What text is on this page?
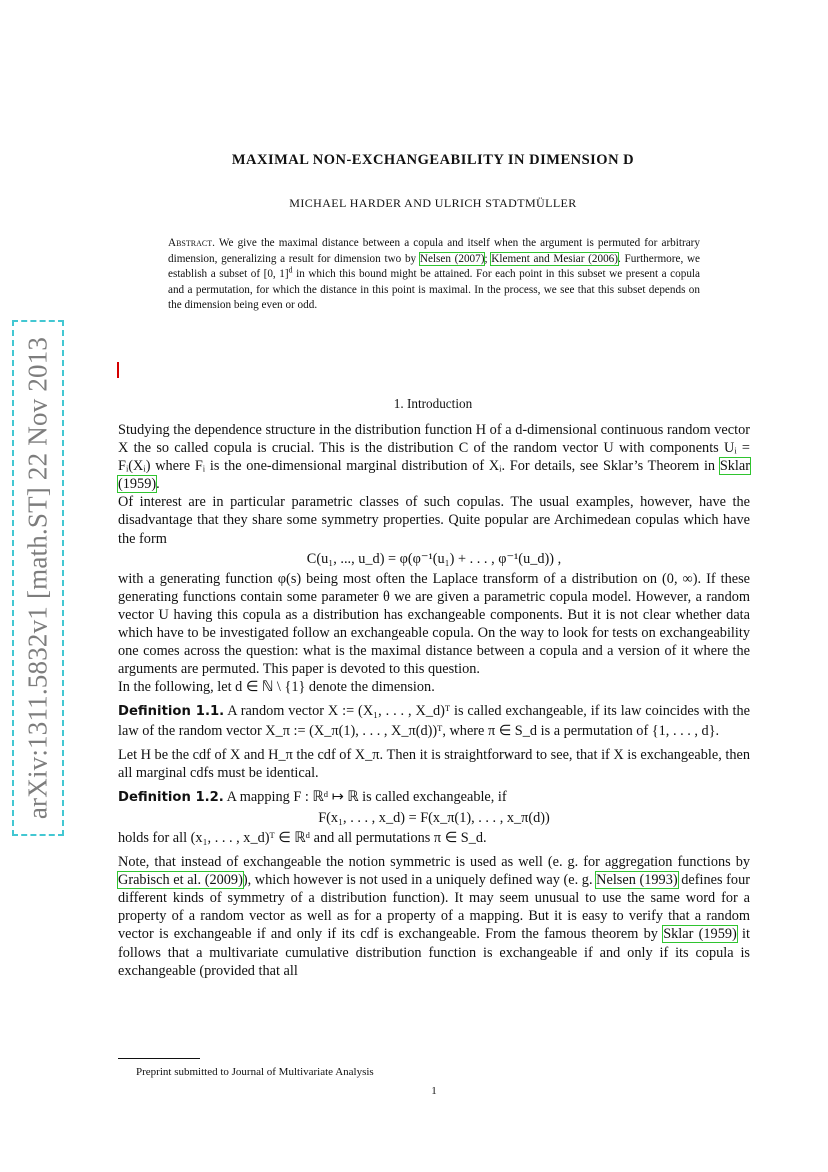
arXiv:1311.5832v1 [math.ST] 22 Nov 2013
MAXIMAL NON-EXCHANGEABILITY IN DIMENSION D
MICHAEL HARDER AND ULRICH STADTMÜLLER
Abstract. We give the maximal distance between a copula and itself when the argument is permuted for arbitrary dimension, generalizing a result for dimension two by Nelsen (2007); Klement and Mesiar (2006). Furthermore, we establish a subset of [0, 1]$^d$ in which this bound might be attained. For each point in this subset we present a copula and a permutation, for which the distance in this point is maximal. In the process, we see that this subset depends on the dimension being even or odd.
1. Introduction

Studying the dependence structure in the distribution function H of a d-dimensional continuous random vector X the so called copula is crucial. This is the distribution C of the random vector U with components Uᵢ = Fᵢ(Xᵢ) where Fᵢ is the one-dimensional marginal distribution of Xᵢ. For details, see Sklar’s Theorem in Sklar (1959).

Of interest are in particular parametric classes of such copulas. The usual examples, however, have the disadvantage that they share some symmetry properties. Quite popular are Archimedean copulas which have the form

C(u₁, ..., u_d) = φ(φ⁻¹(u₁) + . . . , φ⁻¹(u_d)) ,

with a generating function φ(s) being most often the Laplace transform of a distribution on (0, ∞). If these generating functions contain some parameter θ we are given a parametric copula model. However, a random vector U having this copula as a distribution has exchangeable components. But it is not clear whether data which have to be investigated follow an exchangeable copula. On the way to look for tests on exchangeability one comes across the question: what is the maximal distance between a copula and a version of it where the arguments are permuted. This paper is devoted to this question.

In the following, let d ∈ ℕ \ {1} denote the dimension.

Definition 1.1. A random vector X := (X₁, . . . , X_d)ᵀ is called exchangeable, if its law coincides with the law of the random vector X_π := (X_π(1), . . . , X_π(d))ᵀ, where π ∈ S_d is a permutation of {1, . . . , d}.

Let H be the cdf of X and H_π the cdf of X_π. Then it is straightforward to see, that if X is exchangeable, then all marginal cdfs must be identical.

Definition 1.2. A mapping F : ℝᵈ ↦ ℝ is called exchangeable, if

F(x₁, . . . , x_d) = F(x_π(1), . . . , x_π(d))

holds for all (x₁, . . . , x_d)ᵀ ∈ ℝᵈ and all permutations π ∈ S_d.

Note, that instead of exchangeable the notion symmetric is used as well (e. g. for aggregation functions by Grabisch et al. (2009)), which however is not used in a uniquely defined way (e. g. Nelsen (1993) defines four different kinds of symmetry of a distribution function). It may seem unusual to use the same word for a property of a random vector as well as for a property of a mapping. But it is easy to verify that a random vector is exchangeable if and only if its cdf is exchangeable. From the famous theorem by Sklar (1959) it follows that a multivariate cumulative distribution function is exchangeable if and only if its copula is exchangeable (provided that all

Preprint submitted to Journal of Multivariate Analysis
1
